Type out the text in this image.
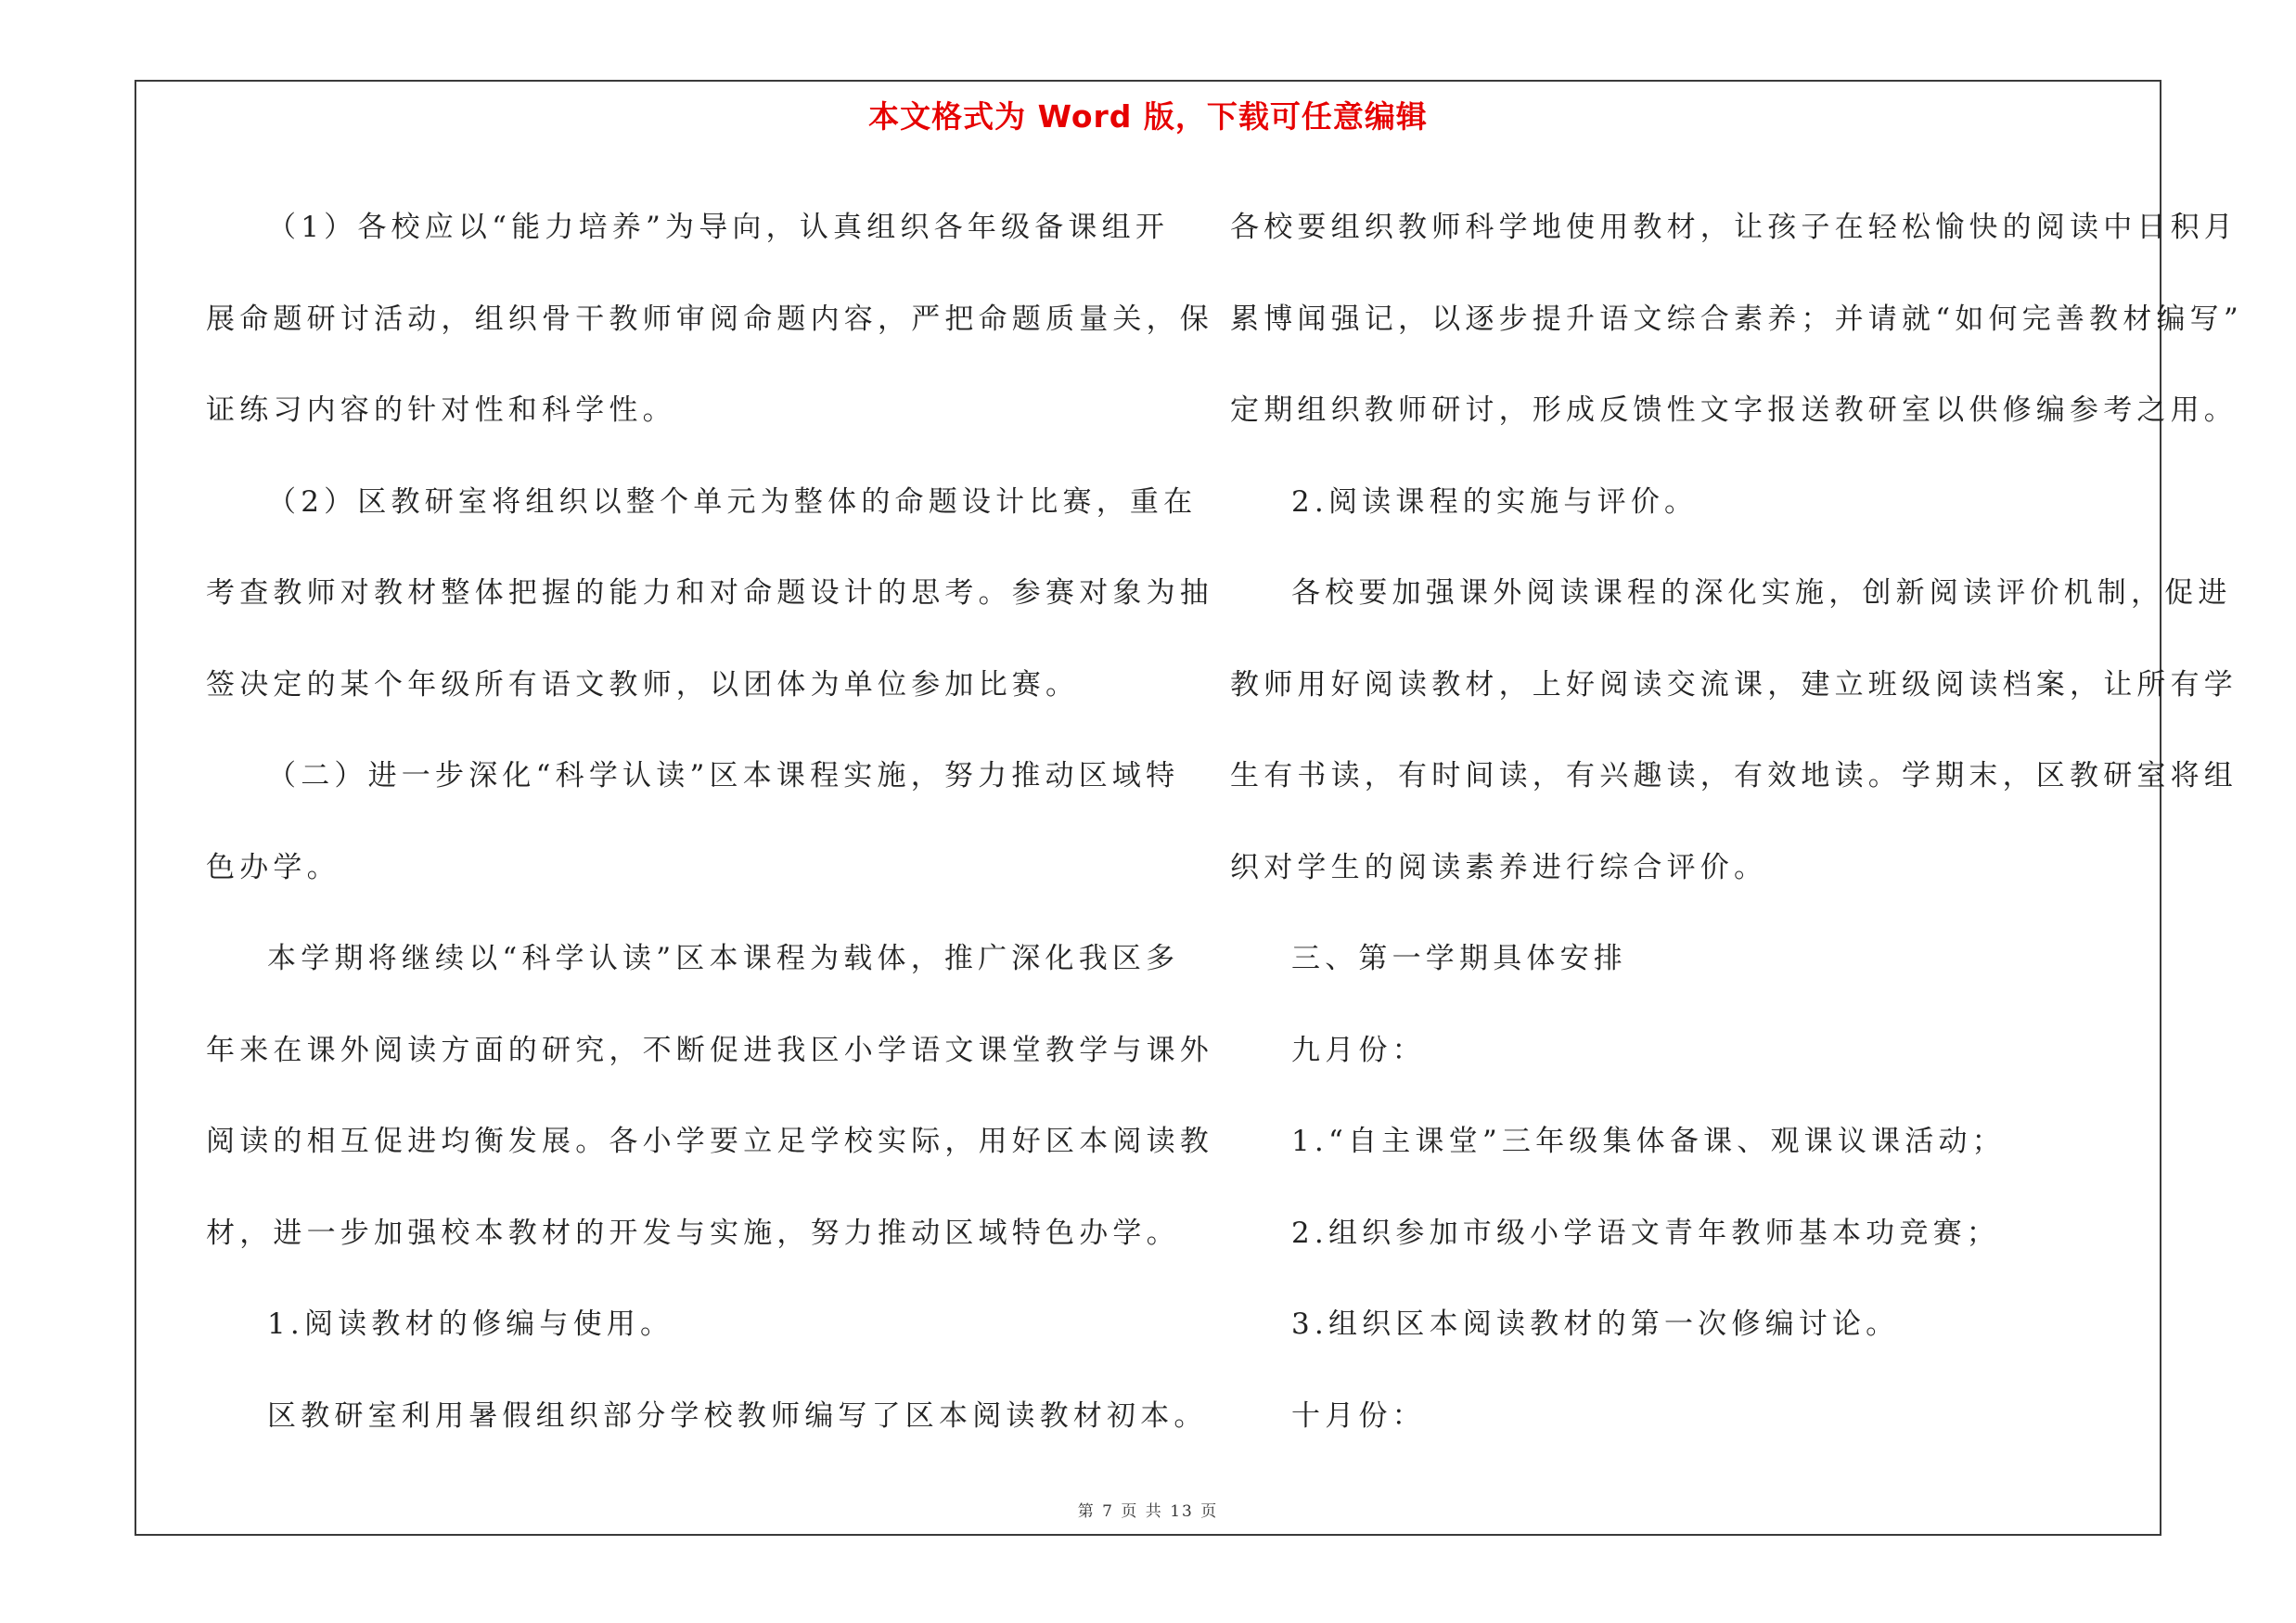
本文格式为 Word 版，下载可任意编辑

（1）各校应以“能力培养”为导向，认真组织各年级备课组开

展命题研讨活动，组织骨干教师审阅命题内容，严把命题质量关，保

证练习内容的针对性和科学性。

（2）区教研室将组织以整个单元为整体的命题设计比赛，重在

考查教师对教材整体把握的能力和对命题设计的思考。参赛对象为抽

签决定的某个年级所有语文教师，以团体为单位参加比赛。

（二）进一步深化“科学认读”区本课程实施，努力推动区域特

色办学。

本学期将继续以“科学认读”区本课程为载体，推广深化我区多

年来在课外阅读方面的研究，不断促进我区小学语文课堂教学与课外

阅读的相互促进均衡发展。各小学要立足学校实际，用好区本阅读教

材，进一步加强校本教材的开发与实施，努力推动区域特色办学。

1.阅读教材的修编与使用。

区教研室利用暑假组织部分学校教师编写了区本阅读教材初本。

各校要组织教师科学地使用教材，让孩子在轻松愉快的阅读中日积月

累博闻强记，以逐步提升语文综合素养；并请就“如何完善教材编写”

定期组织教师研讨，形成反馈性文字报送教研室以供修编参考之用。

2.阅读课程的实施与评价。

各校要加强课外阅读课程的深化实施，创新阅读评价机制，促进

教师用好阅读教材，上好阅读交流课，建立班级阅读档案，让所有学

生有书读，有时间读，有兴趣读，有效地读。学期末，区教研室将组

织对学生的阅读素养进行综合评价。

三、第一学期具体安排

九月份：

1.“自主课堂”三年级集体备课、观课议课活动；

2.组织参加市级小学语文青年教师基本功竞赛；

3.组织区本阅读教材的第一次修编讨论。

十月份：

第 7 页 共 13 页
